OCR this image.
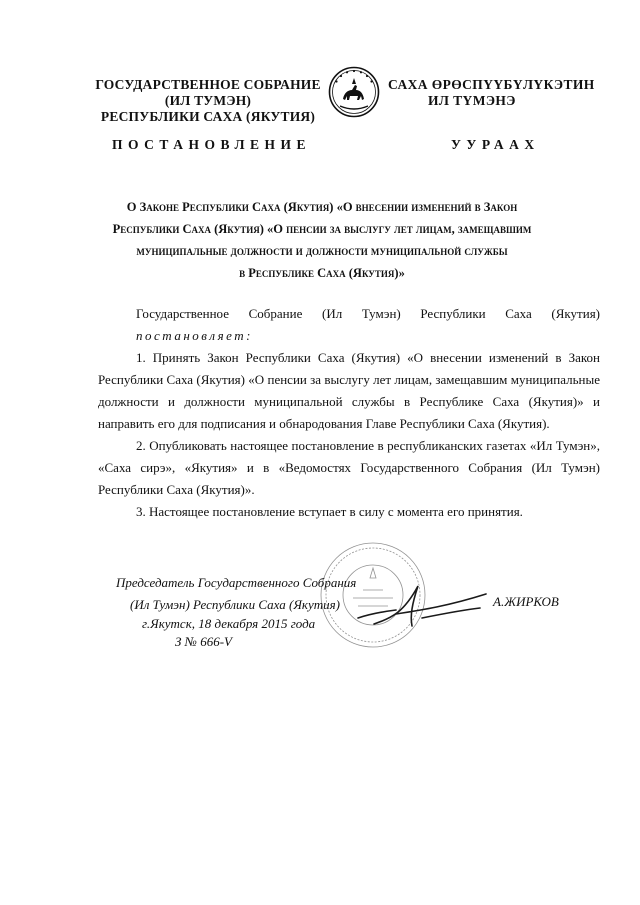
ГОСУДАРСТВЕННОЕ СОБРАНИЕ
(ИЛ ТУМЭН)
РЕСПУБЛИКИ САХА (ЯКУТИЯ)
САХА ӨРӨСПҮҮБҮЛҮКЭТИН
ИЛ ТҮМЭНЭ
ПОСТАНОВЛЕНИЕ	УУРААХ
О Законе Республики Саха (Якутия) «О внесении изменений в Закон
Республики Саха (Якутия) «О пенсии за выслугу лет лицам, замещавшим
муниципальные должности и должности муниципальной службы
в Республике Саха (Якутия)»

Государственное Собрание (Ил Тумэн) Республики Саха (Якутия)

постановляет:

1. Принять Закон Республики Саха (Якутия) «О внесении изменений в Закон Республики Саха (Якутия) «О пенсии за выслугу лет лицам, замещавшим муниципальные должности и должности муниципальной службы в Республике Саха (Якутия)» и направить его для подписания и обнародования Главе Республики Саха (Якутия).

2. Опубликовать настоящее постановление в республиканских газетах «Ил Тумэн», «Саха сирэ», «Якутия» и в «Ведомостях Государственного Собрания (Ил Тумэн) Республики Саха (Якутия)».

3. Настоящее постановление вступает в силу с момента его принятия.

Председатель Государственного Собрания
(Ил Тумэн) Республики Саха (Якутия)	А.ЖИРКОВ
г.Якутск, 18 декабря 2015 года
З № 666-V
